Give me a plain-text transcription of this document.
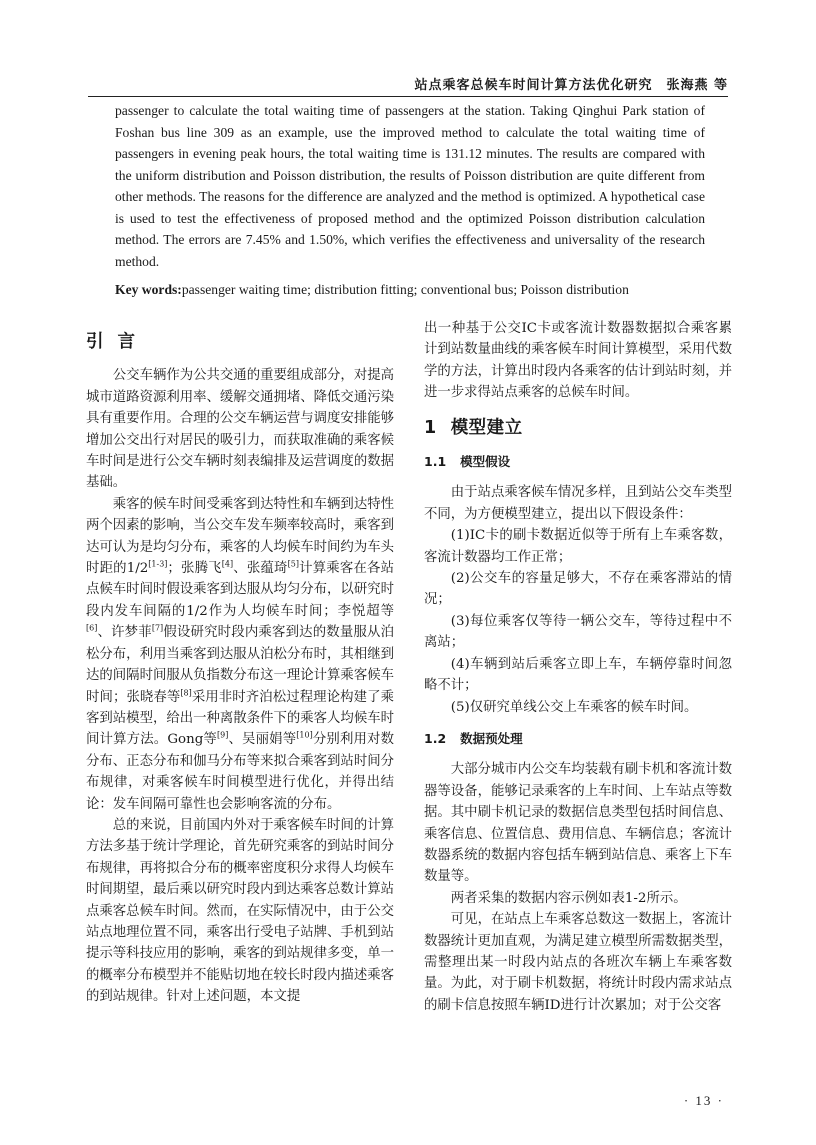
站点乘客总候车时间计算方法优化研究　张海燕 等

passenger to calculate the total waiting time of passengers at the station. Taking Qinghui Park station of Foshan bus line 309 as an example, use the improved method to calculate the total waiting time of passengers in evening peak hours, the total waiting time is 131.12 minutes. The results are compared with the uniform distribution and Poisson distribution, the results of Poisson distribution are quite different from other methods. The reasons for the difference are analyzed and the method is optimized. A hypothetical case is used to test the effectiveness of proposed method and the optimized Poisson distribution calculation method. The errors are 7.45% and 1.50%, which verifies the effectiveness and universality of the research method.

Key words:passenger waiting time; distribution fitting; conventional bus; Poisson distribution

引言

公交车辆作为公共交通的重要组成部分，对提高城市道路资源利用率、缓解交通拥堵、降低交通污染具有重要作用。合理的公交车辆运营与调度安排能够增加公交出行对居民的吸引力，而获取准确的乘客候车时间是进行公交车辆时刻表编排及运营调度的数据基础。

乘客的候车时间受乘客到达特性和车辆到达特性两个因素的影响，当公交车发车频率较高时，乘客到达可认为是均匀分布，乘客的人均候车时间约为车头时距的1/2[1-3]；张腾飞[4]、张蕴琦[5]计算乘客在各站点候车时间时假设乘客到达服从均匀分布，以研究时段内发车间隔的1/2作为人均候车时间；李悦超等[6]、许梦菲[7]假设研究时段内乘客到达的数量服从泊松分布，利用当乘客到达服从泊松分布时，其相继到达的间隔时间服从负指数分布这一理论计算乘客候车时间；张晓春等[8]采用非时齐泊松过程理论构建了乘客到站模型，给出一种离散条件下的乘客人均候车时间计算方法。Gong等[9]、吴丽娟等[10]分别利用对数分布、正态分布和伽马分布等来拟合乘客到站时间分布规律，对乘客候车时间模型进行优化，并得出结论：发车间隔可靠性也会影响客流的分布。

总的来说，目前国内外对于乘客候车时间的计算方法多基于统计学理论，首先研究乘客的到站时间分布规律，再将拟合分布的概率密度积分求得人均候车时间期望，最后乘以研究时段内到达乘客总数计算站点乘客总候车时间。然而，在实际情况中，由于公交站点地理位置不同，乘客出行受电子站牌、手机到站提示等科技应用的影响，乘客的到站规律多变，单一的概率分布模型并不能贴切地在较长时段内描述乘客的到站规律。针对上述问题，本文提

出一种基于公交IC卡或客流计数器数据拟合乘客累计到站数量曲线的乘客候车时间计算模型，采用代数学的方法，计算出时段内各乘客的估计到站时刻，并进一步求得站点乘客的总候车时间。

1 模型建立
1.1 模型假设

由于站点乘客候车情况多样，且到站公交车类型不同，为方便模型建立，提出以下假设条件：

(1)IC卡的刷卡数据近似等于所有上车乘客数，客流计数器均工作正常；

(2)公交车的容量足够大，不存在乘客滞站的情况；

(3)每位乘客仅等待一辆公交车，等待过程中不离站；

(4)车辆到站后乘客立即上车，车辆停靠时间忽略不计；

(5)仅研究单线公交上车乘客的候车时间。

1.2 数据预处理

大部分城市内公交车均装载有刷卡机和客流计数器等设备，能够记录乘客的上车时间、上车站点等数据。其中刷卡机记录的数据信息类型包括时间信息、乘客信息、位置信息、费用信息、车辆信息；客流计数器系统的数据内容包括车辆到站信息、乘客上下车数量等。

两者采集的数据内容示例如表1-2所示。

可见，在站点上车乘客总数这一数据上，客流计数器统计更加直观，为满足建立模型所需数据类型，需整理出某一时段内站点的各班次车辆上车乘客数量。为此，对于刷卡机数据，将统计时段内需求站点的刷卡信息按照车辆ID进行计次累加；对于公交客

· 13 ·
